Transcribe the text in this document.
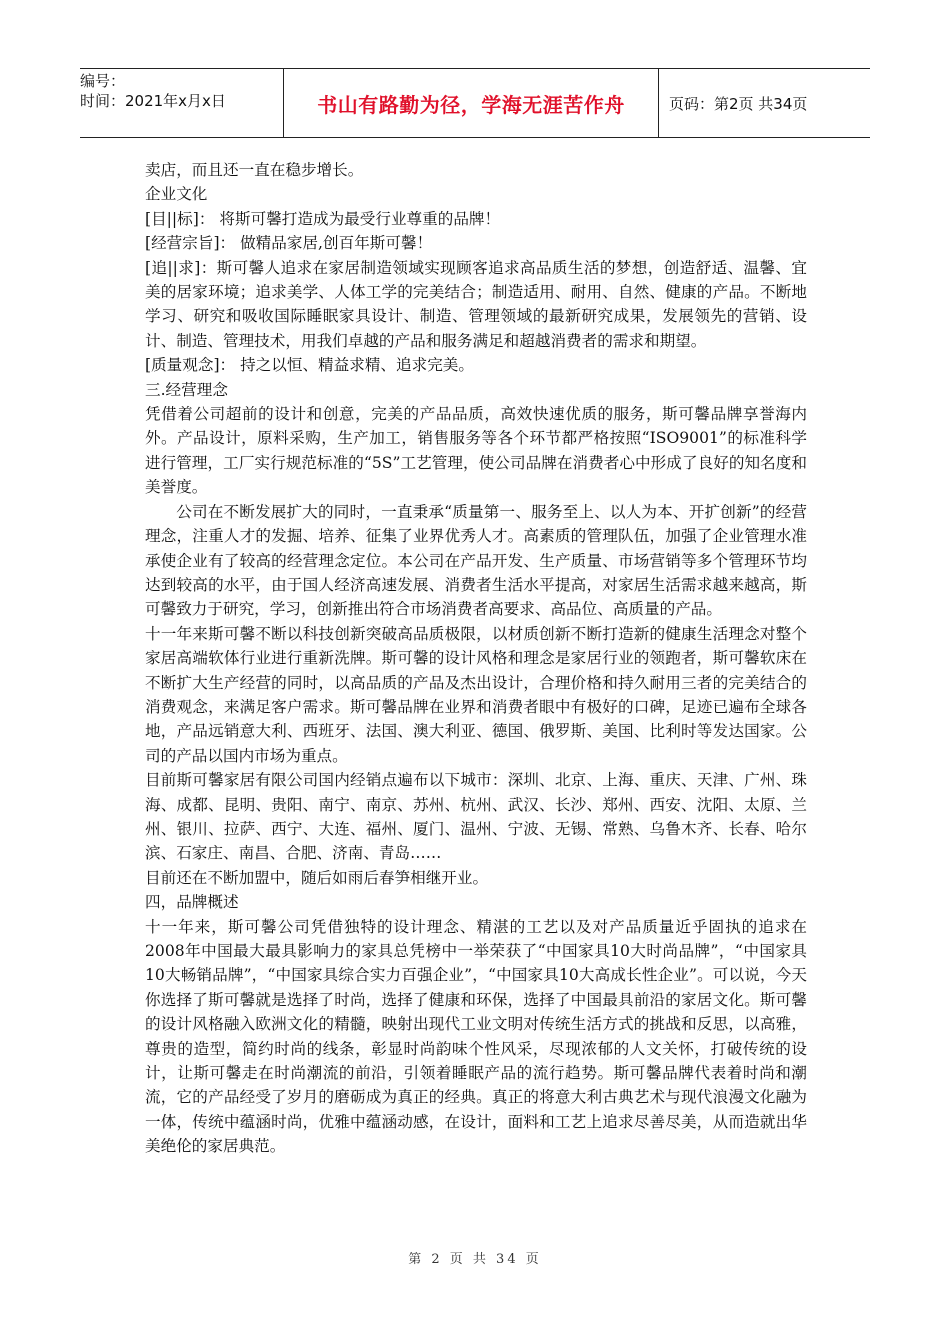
编号：
时间：2021年x月x日	书山有路勤为径，学海无涯苦作舟	页码：第2页 共34页

卖店，而且还一直在稳步增长。

企业文化

[目||标]： 将斯可馨打造成为最受行业尊重的品牌！

[经营宗旨]： 做精品家居,创百年斯可馨！

[追||求]：斯可馨人追求在家居制造领域实现顾客追求高品质生活的梦想，创造舒适、温馨、宜美的居家环境；追求美学、人体工学的完美结合；制造适用、耐用、自然、健康的产品。不断地学习、研究和吸收国际睡眠家具设计、制造、管理领域的最新研究成果，发展领先的营销、设计、制造、管理技术，用我们卓越的产品和服务满足和超越消费者的需求和期望。

[质量观念]： 持之以恒、精益求精、追求完美。

三.经营理念

凭借着公司超前的设计和创意，完美的产品品质，高效快速优质的服务，斯可馨品牌享誉海内外。产品设计，原料采购，生产加工，销售服务等各个环节都严格按照“ISO9001”的标准科学进行管理，工厂实行规范标准的“5S”工艺管理，使公司品牌在消费者心中形成了良好的知名度和美誉度。

公司在不断发展扩大的同时，一直秉承“质量第一、服务至上、以人为本、开扩创新”的经营理念，注重人才的发掘、培养、征集了业界优秀人才。高素质的管理队伍，加强了企业管理水准承使企业有了较高的经营理念定位。本公司在产品开发、生产质量、市场营销等多个管理环节均达到较高的水平，由于国人经济高速发展、消费者生活水平提高，对家居生活需求越来越高，斯可馨致力于研究，学习，创新推出符合市场消费者高要求、高品位、高质量的产品。

十一年来斯可馨不断以科技创新突破高品质极限，以材质创新不断打造新的健康生活理念对整个家居高端软体行业进行重新洗牌。斯可馨的设计风格和理念是家居行业的领跑者，斯可馨软床在不断扩大生产经营的同时，以高品质的产品及杰出设计，合理价格和持久耐用三者的完美结合的消费观念，来满足客户需求。斯可馨品牌在业界和消费者眼中有极好的口碑，足迹已遍布全球各地，产品远销意大利、西班牙、法国、澳大利亚、德国、俄罗斯、美国、比利时等发达国家。公司的产品以国内市场为重点。

目前斯可馨家居有限公司国内经销点遍布以下城市：深圳、北京、上海、重庆、天津、广州、珠海、成都、昆明、贵阳、南宁、南京、苏州、杭州、武汉、长沙、郑州、西安、沈阳、太原、兰州、银川、拉萨、西宁、大连、福州、厦门、温州、宁波、无锡、常熟、乌鲁木齐、长春、哈尔滨、石家庄、南昌、合肥、济南、青岛……

目前还在不断加盟中，随后如雨后春笋相继开业。

四，品牌概述

十一年来，斯可馨公司凭借独特的设计理念、精湛的工艺以及对产品质量近乎固执的追求在2008年中国最大最具影响力的家具总凭榜中一举荣获了“中国家具10大时尚品牌”，“中国家具10大畅销品牌”，“中国家具综合实力百强企业”，“中国家具10大高成长性企业”。可以说，今天你选择了斯可馨就是选择了时尚，选择了健康和环保，选择了中国最具前沿的家居文化。斯可馨的设计风格融入欧洲文化的精髓，映射出现代工业文明对传统生活方式的挑战和反思，以高雅，尊贵的造型，简约时尚的线条，彰显时尚韵味个性风采，尽现浓郁的人文关怀，打破传统的设计，让斯可馨走在时尚潮流的前沿，引领着睡眠产品的流行趋势。斯可馨品牌代表着时尚和潮流，它的产品经受了岁月的磨砺成为真正的经典。真正的将意大利古典艺术与现代浪漫文化融为一体，传统中蕴涵时尚，优雅中蕴涵动感，在设计，面料和工艺上追求尽善尽美，从而造就出华美绝伦的家居典范。

第 2 页 共 34 页
